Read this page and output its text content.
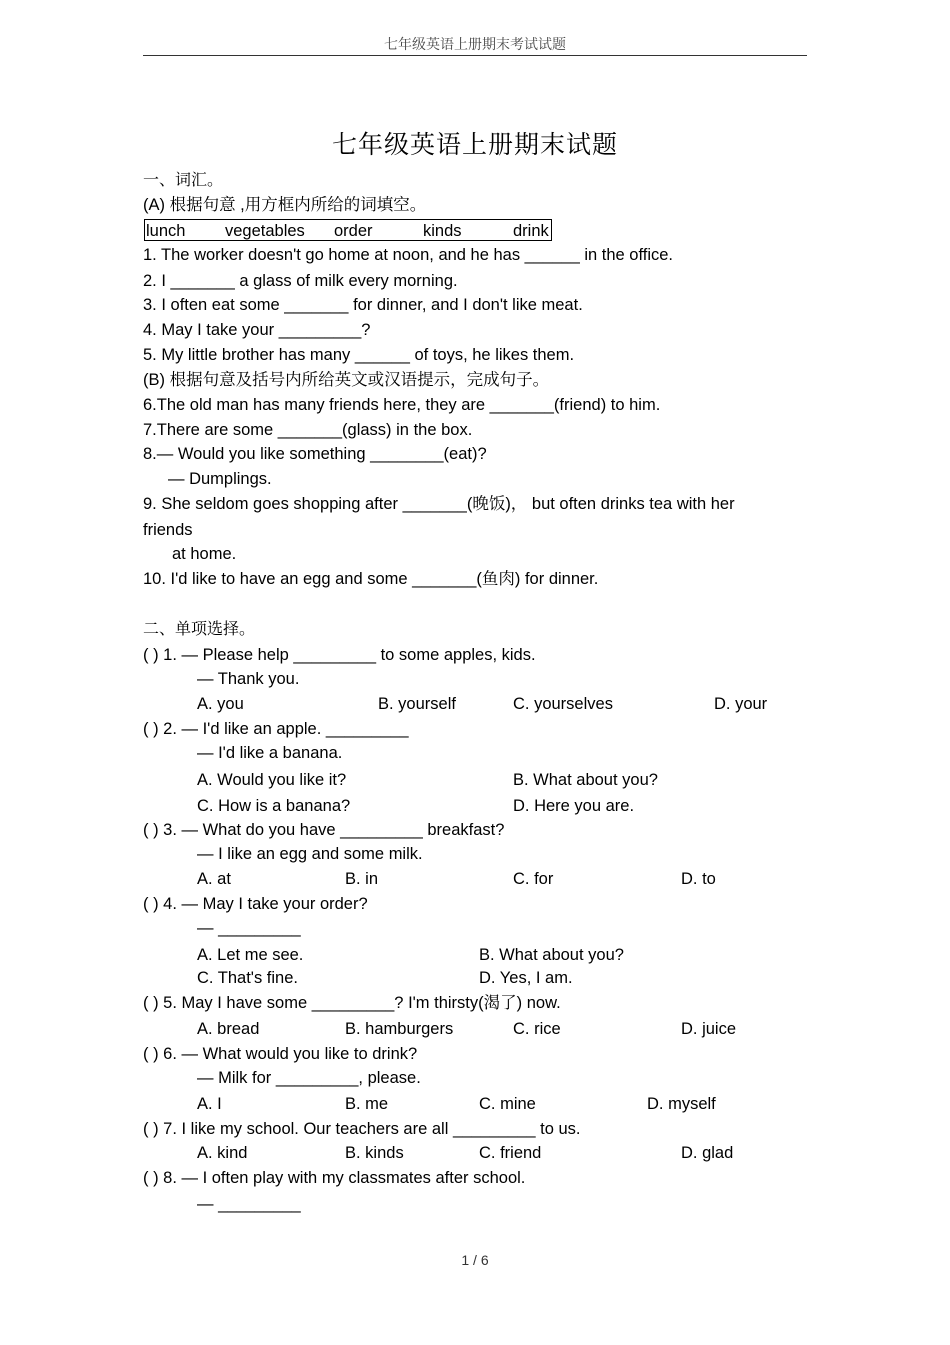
七年级英语上册期末考试试题
七年级英语上册期末试题
一、词汇。
(A) 根据句意 ,用方框内所给的词填空。
lunch vegetables order	kinds	drink
1. The worker doesn't go home at noon, and he has ______ in the office.
2. I _______ a glass of milk every morning.
3. I often eat some _______ for dinner, and I don't like meat.
4. May I take your _________?
5. My little brother has many ______ of toys, he likes them.
(B) 根据句意及括号内所给英文或汉语提示，完成句子。
6.The old man has many friends here, they are _______(friend) to him.
7.There are some _______(glass) in the box.
8.— Would you like something ________(eat)?
— Dumplings.
9. She seldom goes shopping after _______(晚饭)， but often drinks tea with her
friends
at home.
10. I'd like to have an egg and some _______(鱼肉) for dinner.
二、单项选择。
( ) 1. — Please help _________ to some apples, kids.
— Thank you.
A. you	B. yourself	C. yourselves	D. your
( ) 2. — I'd like an apple. _________
— I'd like a banana.
A. Would you like it?	B. What about you?
C. How is a banana?	D. Here you are.
( ) 3. — What do you have _________ breakfast?
— I like an egg and some milk.
A. at	B. in	C. for	D. to
( ) 4. — May I take your order?
— _________
A. Let me see.	B. What about you?
C. That's fine.	D. Yes, I am.
( ) 5. May I have some _________? I'm thirsty(渴了) now.
A. bread	B. hamburgers	C. rice	D. juice
( ) 6. — What would you like to drink?
— Milk for _________, please.
A. I	B. me	C. mine	D. myself
( ) 7. I like my school. Our teachers are all _________ to us.
A. kind	B. kinds	C. friend	D. glad
( ) 8. — I often play with my classmates after school.
— _________
1 / 6
